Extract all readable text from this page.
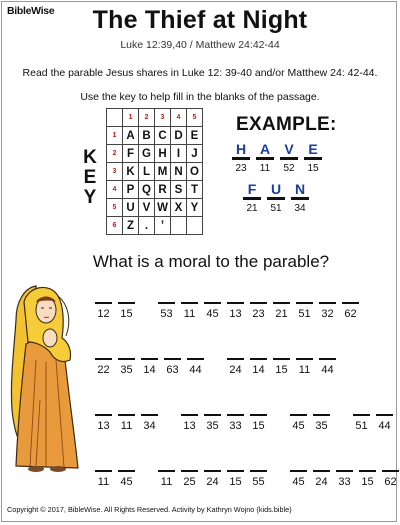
BibleWise	The Thief at Night
Luke 12:39,40 / Matthew 24:42-44
Read the parable Jesus shares in Luke 12: 39-40 and/or Matthew 24: 42-44.
Use the key to help fill in the blanks of the passage.
K
E
Y
	1	2	3	4	5
1	A	B	C	D	E
2	F	G	H	I	J
3	K	L	M	N	O
4	P	Q	R	S	T
5	U	V	W	X	Y
6	Z	.	’		
EXAMPLE:
H
23
A
11
V
52
E
15
F
21
U
51
N
34
What is a moral to the parable?
12 15	53	11	45 13 23 21 51 32 62
22 35 14 63 44	24 14 15	11	44
13	11	34	13 35 33 15	45 35	51 44
11	45	11	25 24 15 55	45 24 33 15 62
Copyright © 2017, BibleWise. All Rights Reserved. Activity by Kathryn Wojno (kids.bible)
